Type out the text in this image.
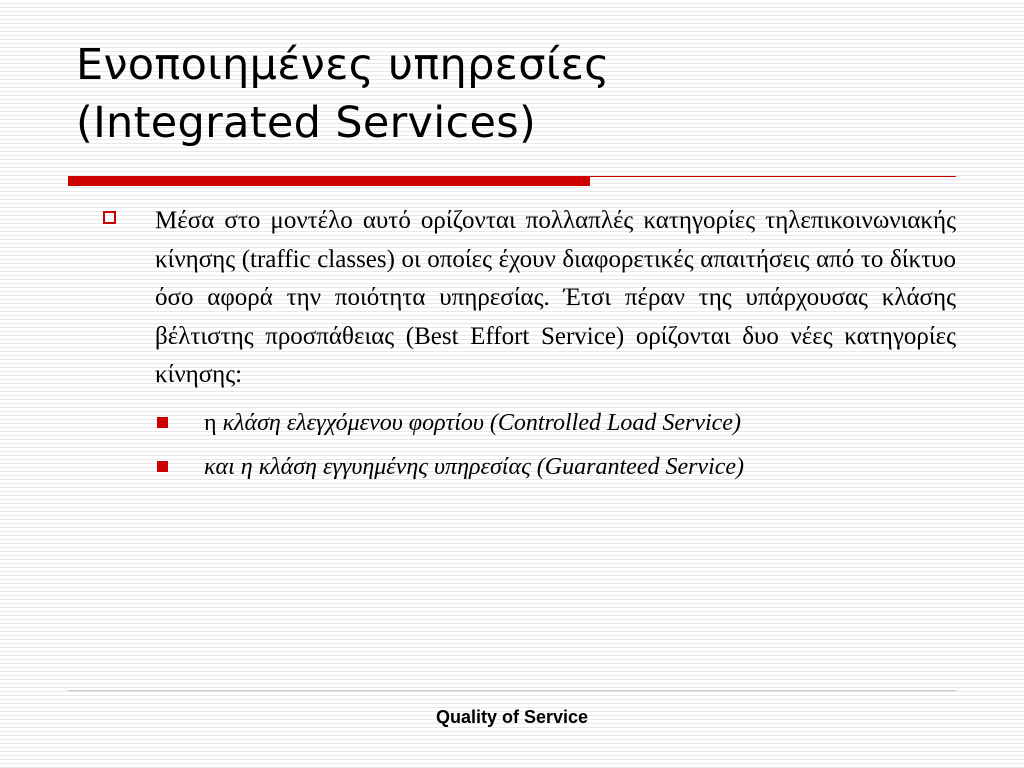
Ενοποιημένες υπηρεσίες
(Integrated Services)

Μέσα στο μοντέλο αυτό ορίζονται πολλαπλές κατηγορίες τηλεπικοινωνιακής κίνησης (traffic classes) οι οποίες έχουν διαφορετικές απαιτήσεις από το δίκτυο όσο αφορά την ποιότητα υπηρεσίας. Έτσι πέραν της υπάρχουσας κλάσης βέλτιστης προσπάθειας (Best Effort Service) ορίζονται δυο νέες κατηγορίες κίνησης:

η κλάση ελεγχόμενου φορτίου (Controlled Load Service)
και η κλάση εγγυημένης υπηρεσίας (Guaranteed Service)
Quality of Service
